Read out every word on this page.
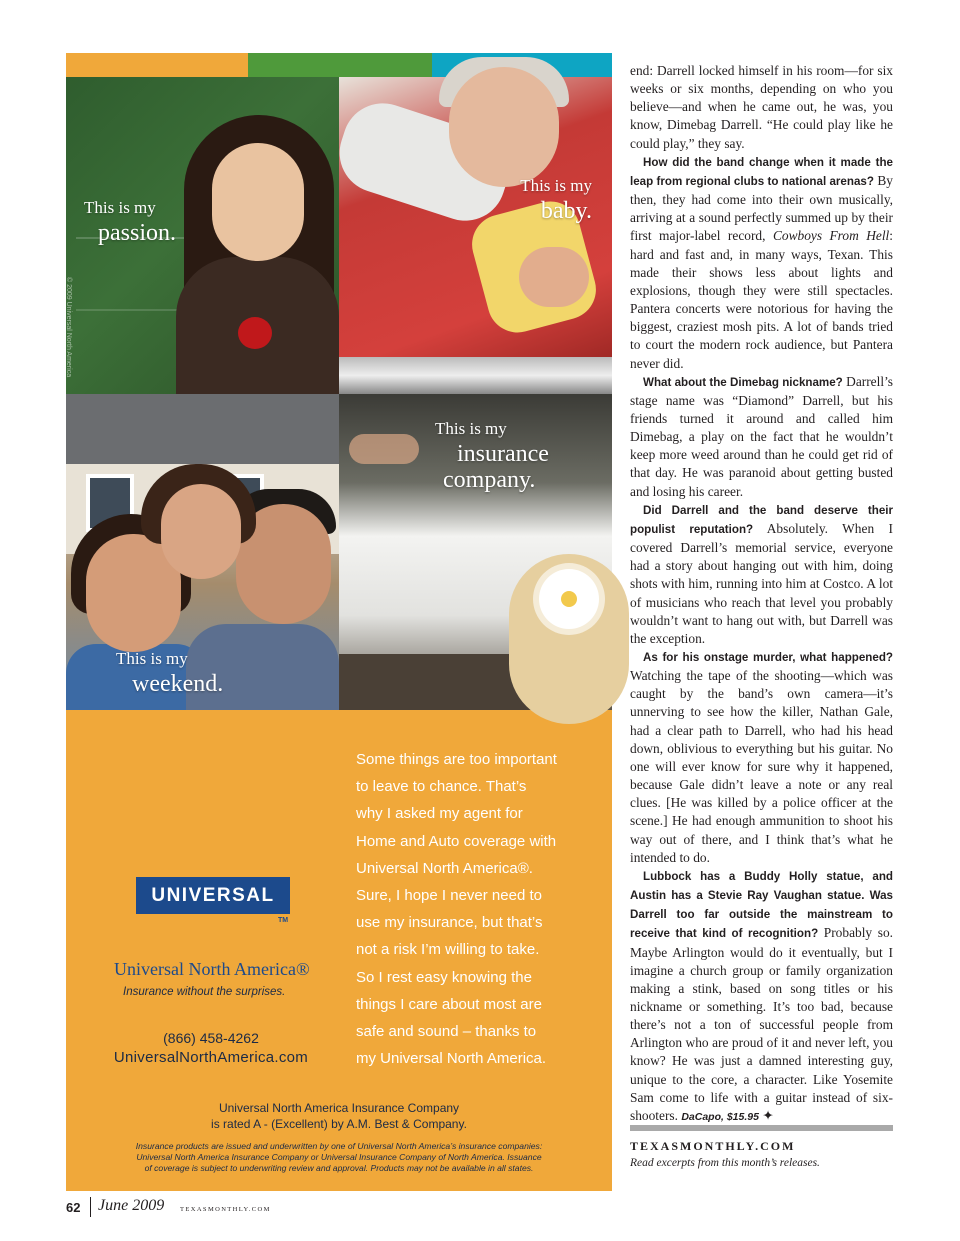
This is my
passion.
© 2009 Universal North America
This is my
baby.
This is my
weekend.
This is my
insurance
company.
UNIVERSAL
TM
Universal North America®
Insurance without the surprises.
(866) 458-4262
UniversalNorthAmerica.com
Some things are too important
to leave to chance. That’s
why I asked my agent for
Home and Auto coverage with
Universal North America®.
Sure, I hope I never need to
use my insurance, but that’s
not a risk I’m willing to take.
So I rest easy knowing the
things I care about most are
safe and sound – thanks to
my Universal North America.
Universal North America Insurance Company
is rated A - (Excellent) by A.M. Best & Company.
Insurance products are issued and underwritten by one of Universal North America’s insurance companies:
Universal North America Insurance Company or Universal Insurance Company of North America. Issuance
of coverage is subject to underwriting review and approval. Products may not be available in all states.

end: Darrell locked himself in his room—for six weeks or six months, depending on who you believe—and when he came out, he was, you know, Dimebag Darrell. “He could play like he could play,” they say.

How did the band change when it made the leap from regional clubs to national arenas? By then, they had come into their own musically, arriving at a sound perfectly summed up by their first major-label record, Cowboys From Hell: hard and fast and, in many ways, Texan. This made their shows less about lights and explosions, though they were still spectacles. Pantera concerts were notorious for having the biggest, craziest mosh pits. A lot of bands tried to court the modern rock audience, but Pantera never did.

What about the Dimebag nickname? Darrell’s stage name was “Diamond” Darrell, but his friends turned it around and called him Dimebag, a play on the fact that he wouldn’t keep more weed around than he could get rid of that day. He was paranoid about getting busted and losing his career.

Did Darrell and the band deserve their populist reputation? Absolutely. When I covered Darrell’s memorial service, everyone had a story about hanging out with him, doing shots with him, running into him at Costco. A lot of musicians who reach that level you probably wouldn’t want to hang out with, but Darrell was the exception.

As for his onstage murder, what happened? Watching the tape of the shooting—which was caught by the band’s own camera—it’s unnerving to see how the killer, Nathan Gale, had a clear path to Darrell, who had his head down, oblivious to everything but his guitar. No one will ever know for sure why it happened, because Gale didn’t leave a note or any real clues. [He was killed by a police officer at the scene.] He had enough ammunition to shoot his way out of there, and I think that’s what he intended to do.

Lubbock has a Buddy Holly statue, and Austin has a Stevie Ray Vaughan statue. Was Darrell too far outside the mainstream to receive that kind of recognition? Probably so. Maybe Arlington would do it eventually, but I imagine a church group or family organization making a stink, based on song titles or his nickname or something. It’s too bad, because there’s not a ton of successful people from Arlington who are proud of it and never left, you know? He was just a damned interesting guy, unique to the core, a character. Like Yosemite Sam come to life with a guitar instead of six-shooters. DaCapo, $15.95 ✦

TEXASMONTHLY.COM
Read excerpts from this month’s releases.
62 June 2009 TEXASMONTHLY.COM
